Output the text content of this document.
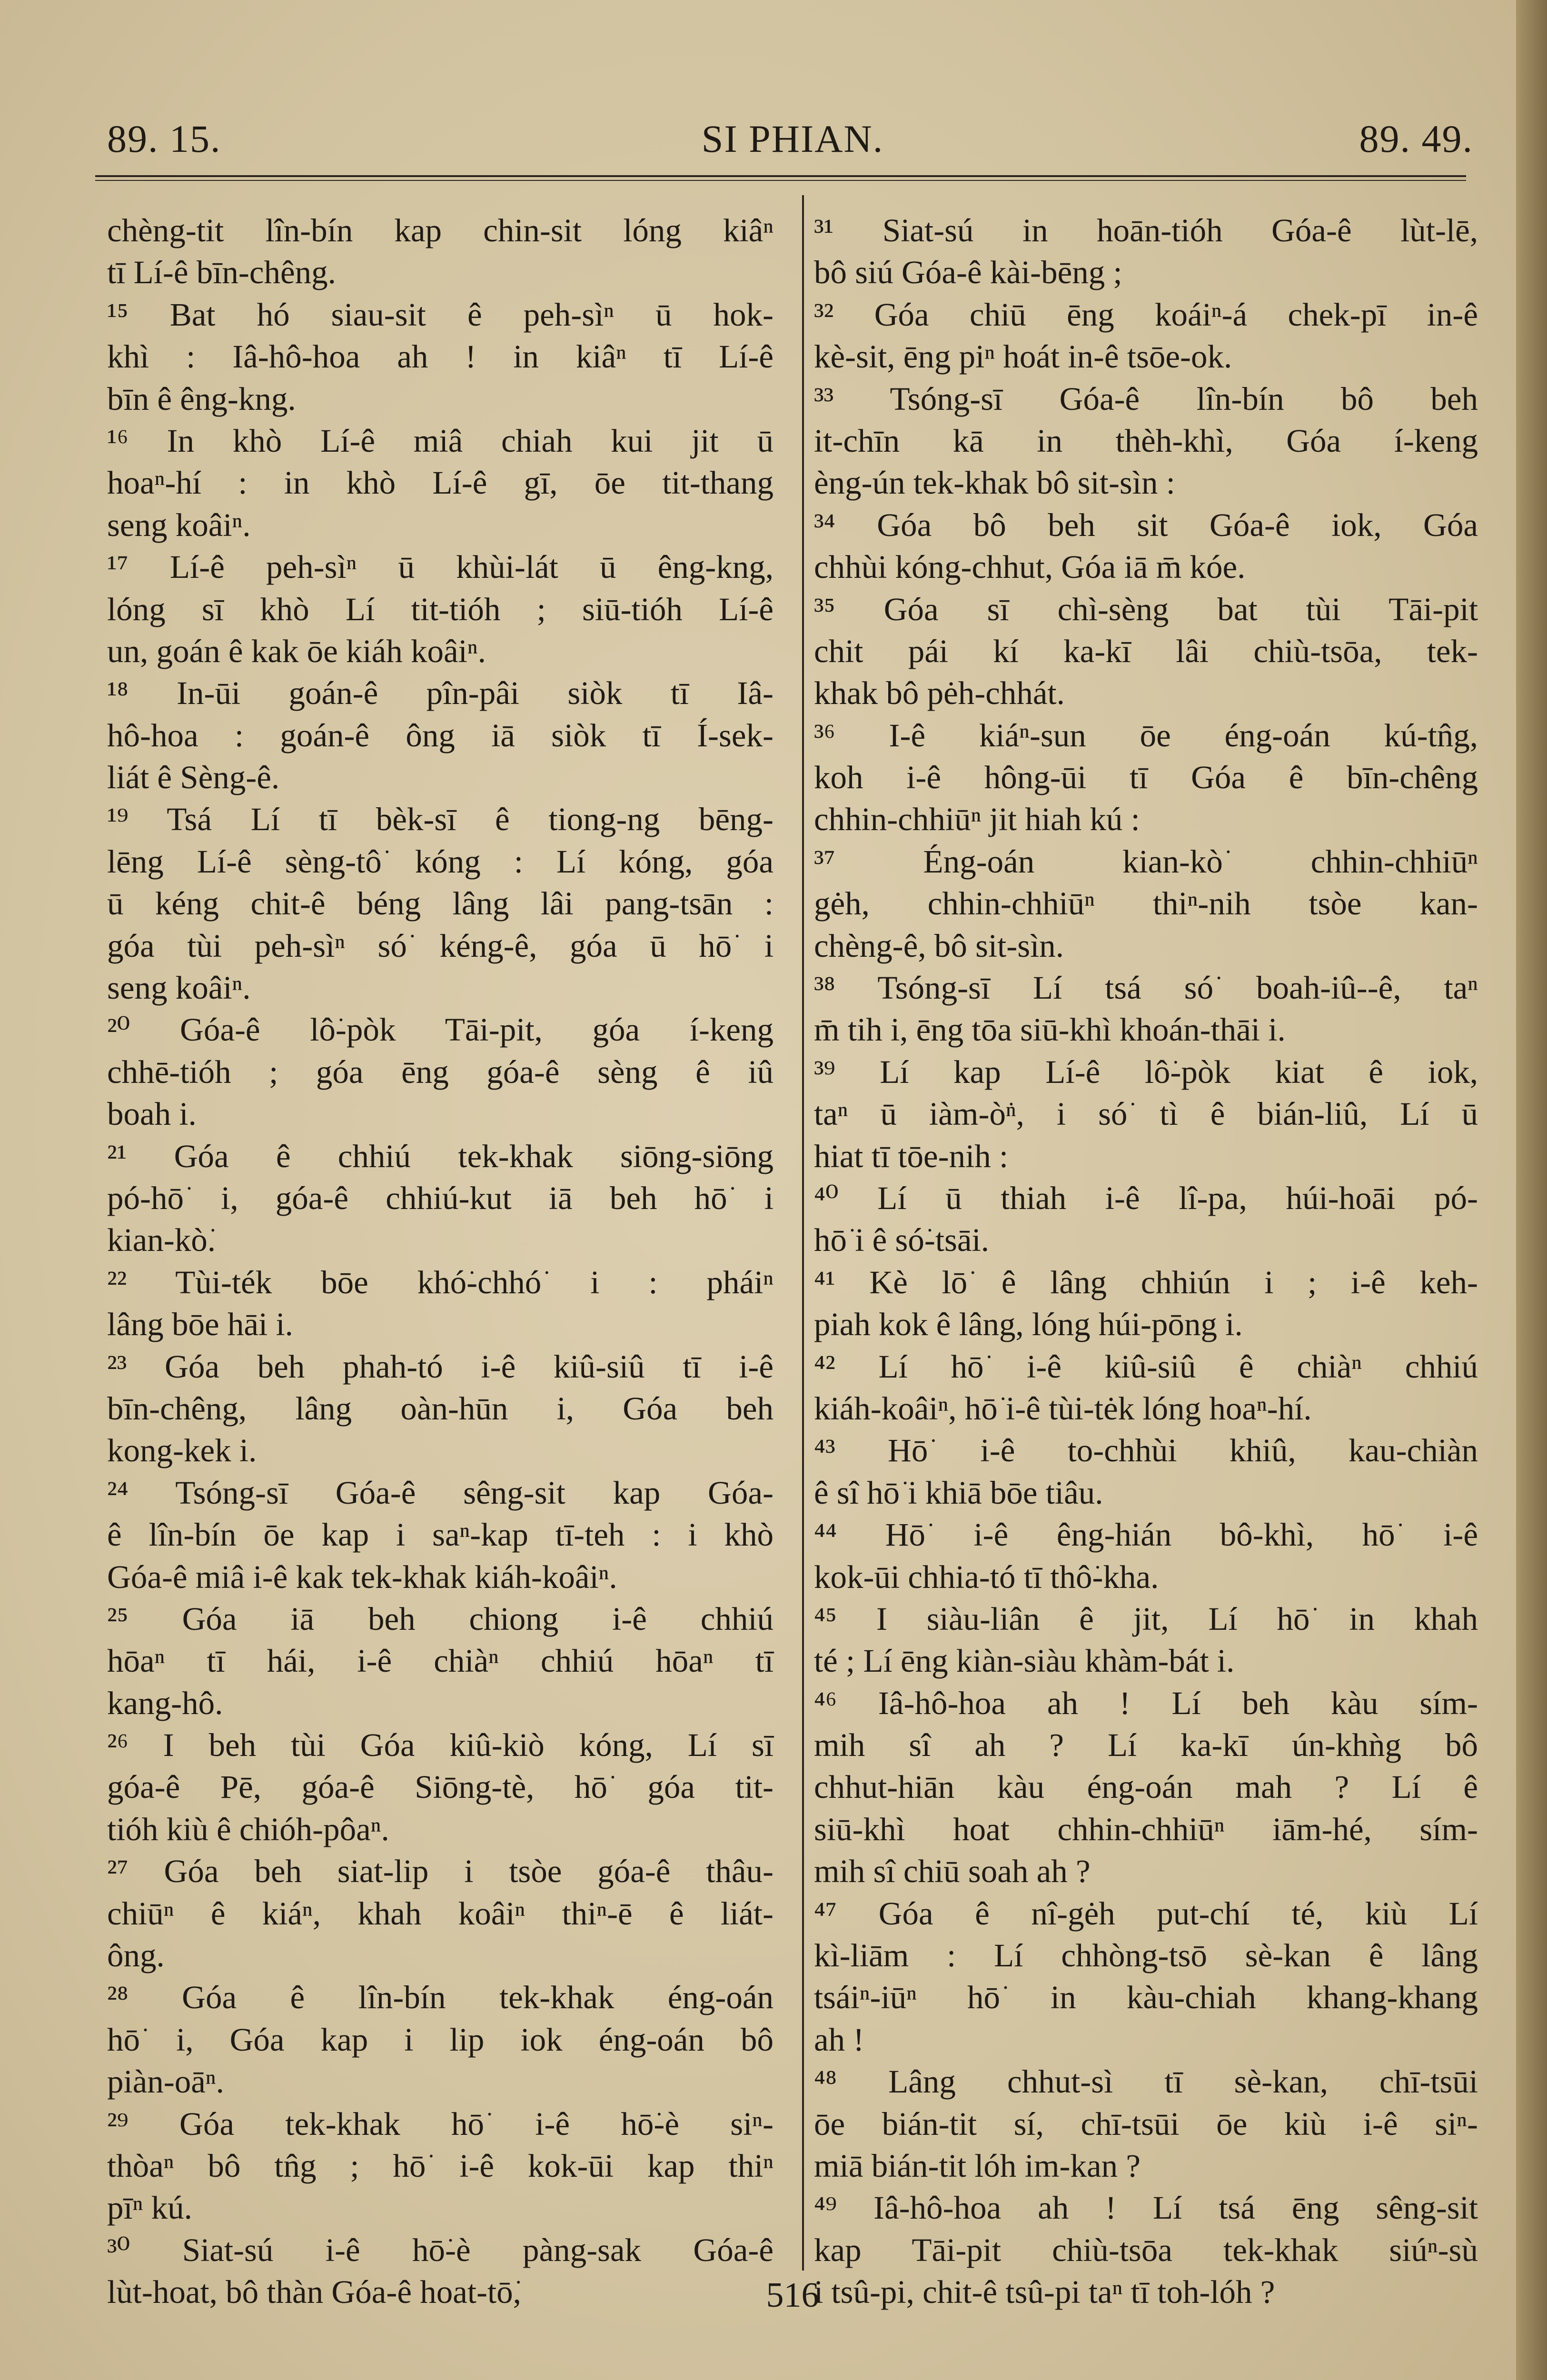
89. 15.	SI PHIAN.	89. 49.
chèng-tit lîn-bín kap chin-sit lóng kiâⁿ
tī Lí-ê bīn-chêng.
¹⁵ Bat hó siau-sit ê peh-sìⁿ ū hok-
khì : Iâ-hô-hoa ah ! in kiâⁿ tī Lí-ê
bīn ê êng-kng.
¹⁶ In khò Lí-ê miâ chiah kui jit ū
hoaⁿ-hí : in khò Lí-ê gī, ōe tit-thang
seng koâiⁿ.
¹⁷ Lí-ê peh-sìⁿ ū khùi-lát ū êng-kng,
lóng sī khò Lí tit-tióh ; siū-tióh Lí-ê
un, goán ê kak ōe kiáh koâiⁿ.
¹⁸ In-ūi goán-ê pîn-pâi siòk tī Iâ-
hô-hoa : goán-ê ông iā siòk tī Í-sek-
liát ê Sèng-ê.
¹⁹ Tsá Lí tī bèk-sī ê tiong-ng bēng-
lēng Lí-ê sèng-tô͘ kóng : Lí kóng, góa
ū kéng chit-ê béng lâng lâi pang-tsān :
góa tùi peh-sìⁿ só͘ kéng-ê, góa ū hō͘ i
seng koâiⁿ.
²⁰ Góa-ê lô͘-pòk Tāi-pit, góa í-keng
chhē-tióh ; góa ēng góa-ê sèng ê iû
boah i.
²¹ Góa ê chhiú tek-khak siōng-siōng
pó-hō͘ i, góa-ê chhiú-kut iā beh hō͘ i
kian-kò͘.
²² Tùi-ték bōe khó͘-chhó͘ i : pháiⁿ
lâng bōe hāi i.
²³ Góa beh phah-tó i-ê kiû-siû tī i-ê
bīn-chêng, lâng oàn-hūn i, Góa beh
kong-kek i.
²⁴ Tsóng-sī Góa-ê sêng-sit kap Góa-
ê lîn-bín ōe kap i saⁿ-kap tī-teh : i khò
Góa-ê miâ i-ê kak tek-khak kiáh-koâiⁿ.
²⁵ Góa iā beh chiong i-ê chhiú
hōaⁿ tī hái, i-ê chiàⁿ chhiú hōaⁿ tī
kang-hô.
²⁶ I beh tùi Góa kiû-kiò kóng, Lí sī
góa-ê Pē, góa-ê Siōng-tè, hō͘ góa tit-
tióh kiù ê chióh-pôaⁿ.
²⁷ Góa beh siat-lip i tsòe góa-ê thâu-
chiūⁿ ê kiáⁿ, khah koâiⁿ thiⁿ-ē ê liát-
ông.
²⁸ Góa ê lîn-bín tek-khak éng-oán
hō͘ i, Góa kap i lip iok éng-oán bô
piàn-oāⁿ.
²⁹ Góa tek-khak hō͘ i-ê hō͘-è siⁿ-
thòaⁿ bô tn̂g ; hō͘ i-ê kok-ūi kap thiⁿ
pīⁿ kú.
³⁰ Siat-sú i-ê hō͘-è pàng-sak Góa-ê
lùt-hoat, bô thàn Góa-ê hoat-tō͘,
³¹ Siat-sú in hoān-tióh Góa-ê lùt-lē,
bô siú Góa-ê kài-bēng ;
³² Góa chiū ēng koáiⁿ-á chek-pī in-ê
kè-sit, ēng piⁿ hoát in-ê tsōe-ok.
³³ Tsóng-sī Góa-ê lîn-bín bô beh
it-chīn kā in thèh-khì, Góa í-keng
èng-ún tek-khak bô sit-sìn :
³⁴ Góa bô beh sit Góa-ê iok, Góa
chhùi kóng-chhut, Góa iā m̄ kóe.
³⁵ Góa sī chì-sèng bat tùi Tāi-pit
chit pái kí ka-kī lâi chiù-tsōa, tek-
khak bô pėh-chhát.
³⁶ I-ê kiáⁿ-sun ōe éng-oán kú-tn̂g,
koh i-ê hông-ūi tī Góa ê bīn-chêng
chhin-chhiūⁿ jit hiah kú :
³⁷ Éng-oán kian-kò͘ chhin-chhiūⁿ
gėh, chhin-chhiūⁿ thiⁿ-nih tsòe kan-
chèng-ê, bô sit-sìn.
³⁸ Tsóng-sī Lí tsá só͘ boah-iû--ê, taⁿ
m̄ tih i, ēng tōa siū-khì khoán-thāi i.
³⁹ Lí kap Lí-ê lô͘-pòk kiat ê iok,
taⁿ ū iàm-ò͘ⁿ, i só͘ tì ê bián-liû, Lí ū
hiat tī tōe-nih :
⁴⁰ Lí ū thiah i-ê lî-pa, húi-hoāi pó-
hō͘ i ê só͘-tsāi.
⁴¹ Kè lō͘ ê lâng chhiún i ; i-ê keh-
piah kok ê lâng, lóng húi-pōng i.
⁴² Lí hō͘ i-ê kiû-siû ê chiàⁿ chhiú
kiáh-koâiⁿ, hō͘ i-ê tùi-tėk lóng hoaⁿ-hí.
⁴³ Hō͘ i-ê to-chhùi khiû, kau-chiàn
ê sî hō͘ i khiā bōe tiâu.
⁴⁴ Hō͘ i-ê êng-hián bô-khì, hō͘ i-ê
kok-ūi chhia-tó tī thô͘-kha.
⁴⁵ I siàu-liân ê jit, Lí hō͘ in khah
té ; Lí ēng kiàn-siàu khàm-bát i.
⁴⁶ Iâ-hô-hoa ah ! Lí beh kàu sím-
mih sî ah ? Lí ka-kī ún-khǹg bô
chhut-hiān kàu éng-oán mah ? Lí ê
siū-khì hoat chhin-chhiūⁿ iām-hé, sím-
mih sî chiū soah ah ?
⁴⁷ Góa ê nî-gėh put-chí té, kiù Lí
kì-liām : Lí chhòng-tsō sè-kan ê lâng
tsáiⁿ-iūⁿ hō͘ in kàu-chiah khang-khang
ah !
⁴⁸ Lâng chhut-sì tī sè-kan, chī-tsūi
ōe bián-tit sí, chī-tsūi ōe kiù i-ê siⁿ-
miā bián-tit lóh im-kan ?
⁴⁹ Iâ-hô-hoa ah ! Lí tsá ēng sêng-sit
kap Tāi-pit chiù-tsōa tek-khak siúⁿ-sù
i tsû-pi, chit-ê tsû-pi taⁿ tī toh-lóh ?
516
